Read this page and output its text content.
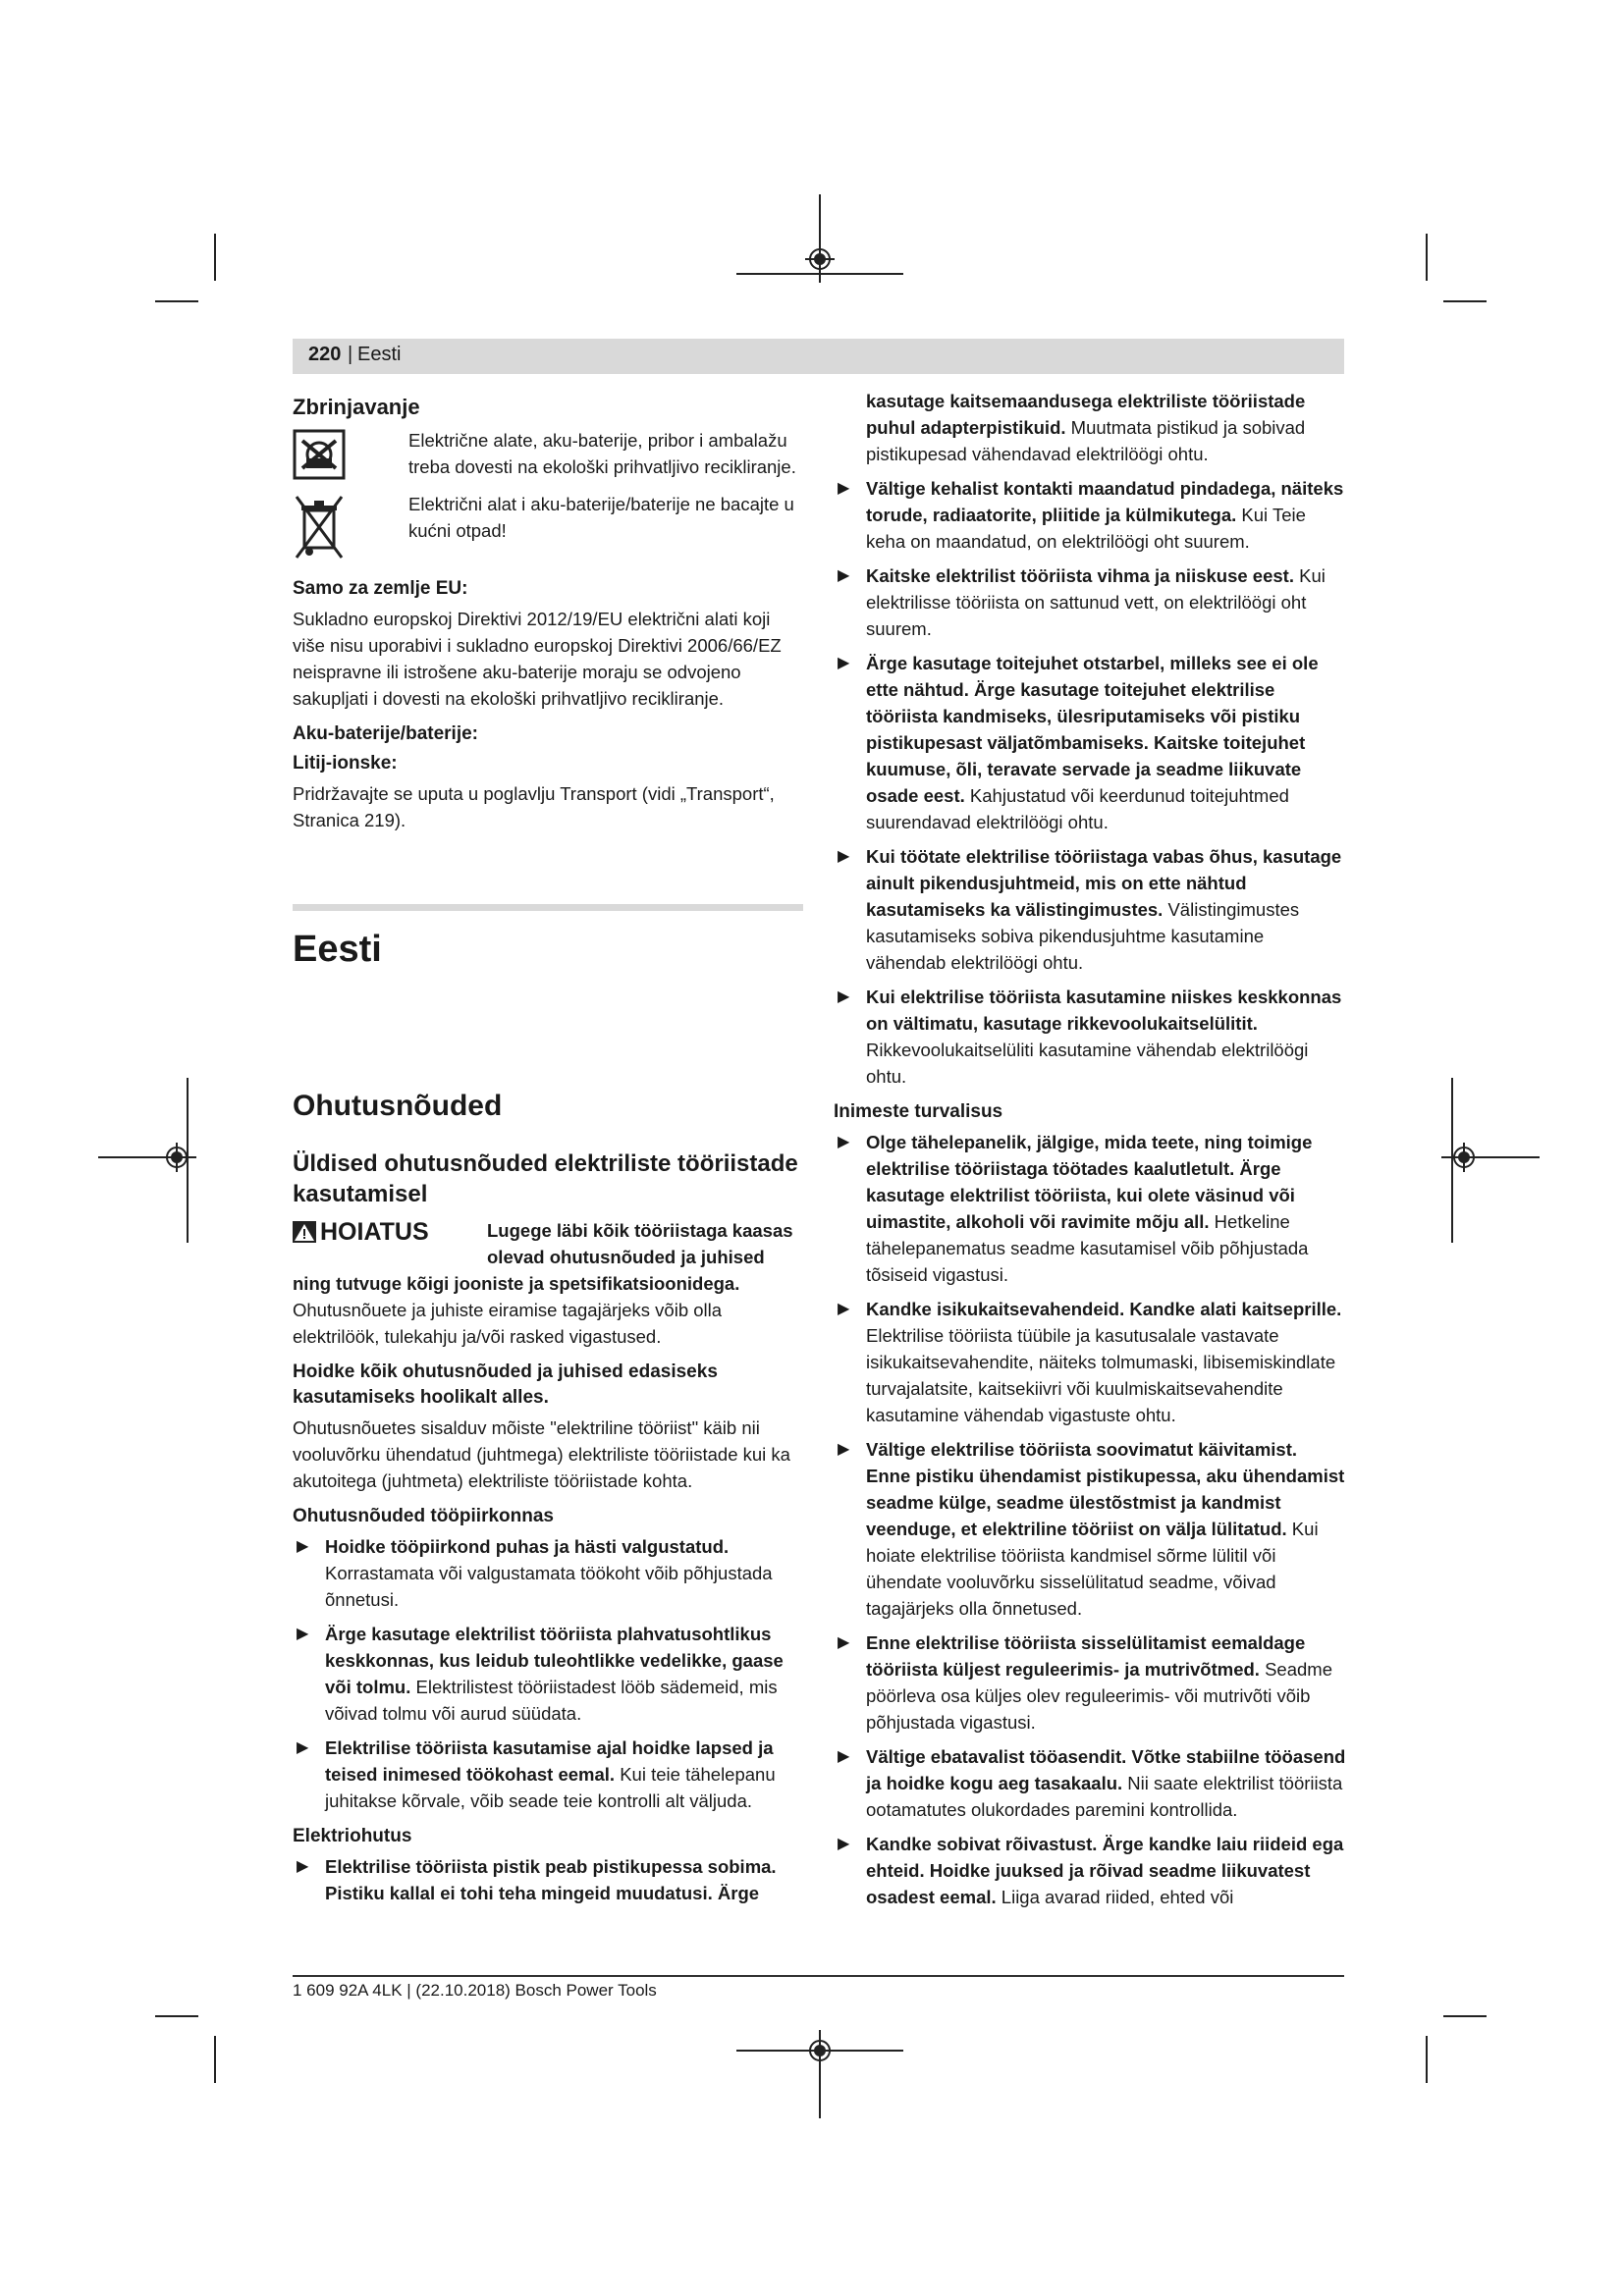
220 | Eesti
Zbrinjavanje
Električne alate, aku-baterije, pribor i ambalažu treba dovesti na ekološki prihvatljivo recikliranje.
Električni alat i aku-baterije/baterije ne bacajte u kućni otpad!
Samo za zemlje EU:
Sukladno europskoj Direktivi 2012/19/EU električni alati koji više nisu uporabivi i sukladno europskoj Direktivi 2006/66/EZ neispravne ili istrošene aku-baterije moraju se odvojeno sakupljati i dovesti na ekološki prihvatljivo recikliranje.
Aku-baterije/baterije:
Litij-ionske:
Pridržavajte se uputa u poglavlju Transport (vidi „Transport“, Stranica 219).
Eesti
Ohutusnõuded
Üldised ohutusnõuded elektriliste tööriistade kasutamisel
HOIATUS	Lugege läbi kõik tööriistaga kaasas olevad ohutusnõuded ja juhised
ning tutvuge kõigi jooniste ja spetsifikatsioonidega.
Ohutusnõuete ja juhiste eiramise tagajärjeks võib olla elektrilöök, tulekahju ja/või rasked vigastused.
Hoidke kõik ohutusnõuded ja juhised edasiseks kasutamiseks hoolikalt alles.
Ohutusnõuetes sisalduv mõiste "elektriline tööriist" käib nii vooluvõrku ühendatud (juhtmega) elektriliste tööriistade kui ka akutoitega (juhtmeta) elektriliste tööriistade kohta.
Ohutusnõuded tööpiirkonnas
▶ Hoidke tööpiirkond puhas ja hästi valgustatud. Korrastamata või valgustamata töökoht võib põhjustada õnnetusi.
▶ Ärge kasutage elektrilist tööriista plahvatusohtlikus keskkonnas, kus leidub tuleohtlikke vedelikke, gaase või tolmu. Elektrilistest tööriistadest lööb sädemeid, mis võivad tolmu või aurud süüdata.
▶ Elektrilise tööriista kasutamise ajal hoidke lapsed ja teised inimesed töökohast eemal. Kui teie tähelepanu juhitakse kõrvale, võib seade teie kontrolli alt väljuda.
Elektriohutus
▶ Elektrilise tööriista pistik peab pistikupessa sobima. Pistiku kallal ei tohi teha mingeid muudatusi. Ärge
kasutage kaitsemaandusega elektriliste tööriistade puhul adapterpistikuid. Muutmata pistikud ja sobivad pistikupesad vähendavad elektrilöögi ohtu.
▶ Vältige kehalist kontakti maandatud pindadega, näiteks torude, radiaatorite, pliitide ja külmikutega. Kui Teie keha on maandatud, on elektrilöögi oht suurem.
▶ Kaitske elektrilist tööriista vihma ja niiskuse eest. Kui elektrilisse tööriista on sattunud vett, on elektrilöögi oht suurem.
▶ Ärge kasutage toitejuhet otstarbel, milleks see ei ole ette nähtud. Ärge kasutage toitejuhet elektrilise tööriista kandmiseks, ülesriputamiseks või pistiku pistikupesast väljatõmbamiseks. Kaitske toitejuhet kuumuse, õli, teravate servade ja seadme liikuvate osade eest. Kahjustatud või keerdunud toitejuhtmed suurendavad elektrilöögi ohtu.
▶ Kui töötate elektrilise tööriistaga vabas õhus, kasutage ainult pikendusjuhtmeid, mis on ette nähtud kasutamiseks ka välistingimustes. Välistingimustes kasutamiseks sobiva pikendusjuhtme kasutamine vähendab elektrilöögi ohtu.
▶ Kui elektrilise tööriista kasutamine niiskes keskkonnas on vältimatu, kasutage rikkevoolukaitselülitit. Rikkevoolukaitselüliti kasutamine vähendab elektrilöögi ohtu.
Inimeste turvalisus
▶ Olge tähelepanelik, jälgige, mida teete, ning toimige elektrilise tööriistaga töötades kaalutletult. Ärge kasutage elektrilist tööriista, kui olete väsinud või uimastite, alkoholi või ravimite mõju all. Hetkeline tähelepanematus seadme kasutamisel võib põhjustada tõsiseid vigastusi.
▶ Kandke isikukaitsevahendeid. Kandke alati kaitseprille. Elektrilise tööriista tüübile ja kasutusalale vastavate isikukaitsevahendite, näiteks tolmumaski, libisemiskindlate turvajalatsite, kaitsekiivri või kuulmiskaitsevahendite kasutamine vähendab vigastuste ohtu.
▶ Vältige elektrilise tööriista soovimatut käivitamist. Enne pistiku ühendamist pistikupessa, aku ühendamist seadme külge, seadme ülestõstmist ja kandmist veenduge, et elektriline tööriist on välja lülitatud. Kui hoiate elektrilise tööriista kandmisel sõrme lülitil või ühendate vooluvõrku sisselülitatud seadme, võivad tagajärjeks olla õnnetused.
▶ Enne elektrilise tööriista sisselülitamist eemaldage tööriista küljest reguleerimis- ja mutrivõtmed. Seadme pöörleva osa küljes olev reguleerimis- või mutrivõti võib põhjustada vigastusi.
▶ Vältige ebatavalist tööasendit. Võtke stabiilne tööasend ja hoidke kogu aeg tasakaalu. Nii saate elektrilist tööriista ootamatutes olukordades paremini kontrollida.
▶ Kandke sobivat rõivastust. Ärge kandke laiu riideid ega ehteid. Hoidke juuksed ja rõivad seadme liikuvatest osadest eemal. Liiga avarad riided, ehted või
1 609 92A 4LK | (22.10.2018) Bosch Power Tools
